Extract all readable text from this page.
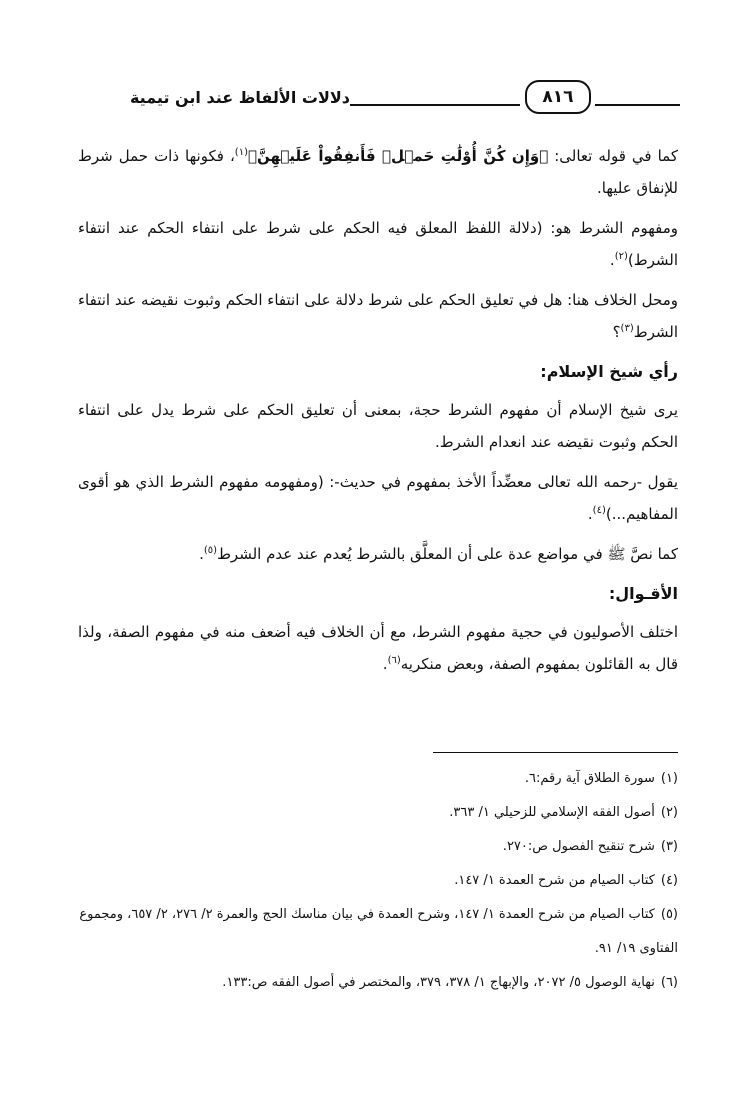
دلالات الألفاظ عند ابن تيمية	٨١٦

كما في قوله تعالى: ﴿وَإِن كُنَّ أُوْلَٰتِ حَمۡلٖ فَأَنفِقُواْ عَلَيۡهِنَّ﴾$^{(١)}$، فكونها ذات حمل شرط للإنفاق عليها.

ومفهوم الشرط هو: (دلالة اللفظ المعلق فيه الحكم على شرط على انتفاء الحكم عند انتفاء الشرط)$^{(٢)}$.

ومحل الخلاف هنا: هل في تعليق الحكم على شرط دلالة على انتفاء الحكم وثبوت نقيضه عند انتفاء الشرط$^{(٣)}$؟

رأي شيخ الإسلام:

يرى شيخ الإسلام أن مفهوم الشرط حجة، بمعنى أن تعليق الحكم على شرط يدل على انتفاء الحكم وثبوت نقيضه عند انعدام الشرط.

يقول -رحمه الله تعالى معضِّداً الأخذ بمفهوم في حديث-: (ومفهومه مفهوم الشرط الذي هو أقوى المفاهيم...)$^{(٤)}$.

كما نصَّ ﷺ في مواضع عدة على أن المعلَّق بالشرط يُعدم عند عدم الشرط$^{(٥)}$.

الأقـوال:

اختلف الأصوليون في حجية مفهوم الشرط، مع أن الخلاف فيه أضعف منه في مفهوم الصفة، ولذا قال به القائلون بمفهوم الصفة، وبعض منكريه$^{(٦)}$.

(١)سورة الطلاق آية رقم:٦.

(٢)أصول الفقه الإسلامي للزحيلي ١/ ٣٦٣.

(٣)شرح تنقيح الفصول ص:٢٧٠.

(٤)كتاب الصيام من شرح العمدة ١/ ١٤٧.

(٥)كتاب الصيام من شرح العمدة ١/ ١٤٧، وشرح العمدة في بيان مناسك الحج والعمرة ٢/ ٢٧٦، ٢/ ٦٥٧، ومجموع الفتاوى ١٩/ ٩١.

(٦)نهاية الوصول ٥/ ٢٠٧٢، والإبهاج ١/ ٣٧٨، ٣٧٩، والمختصر في أصول الفقه ص:١٣٣.
